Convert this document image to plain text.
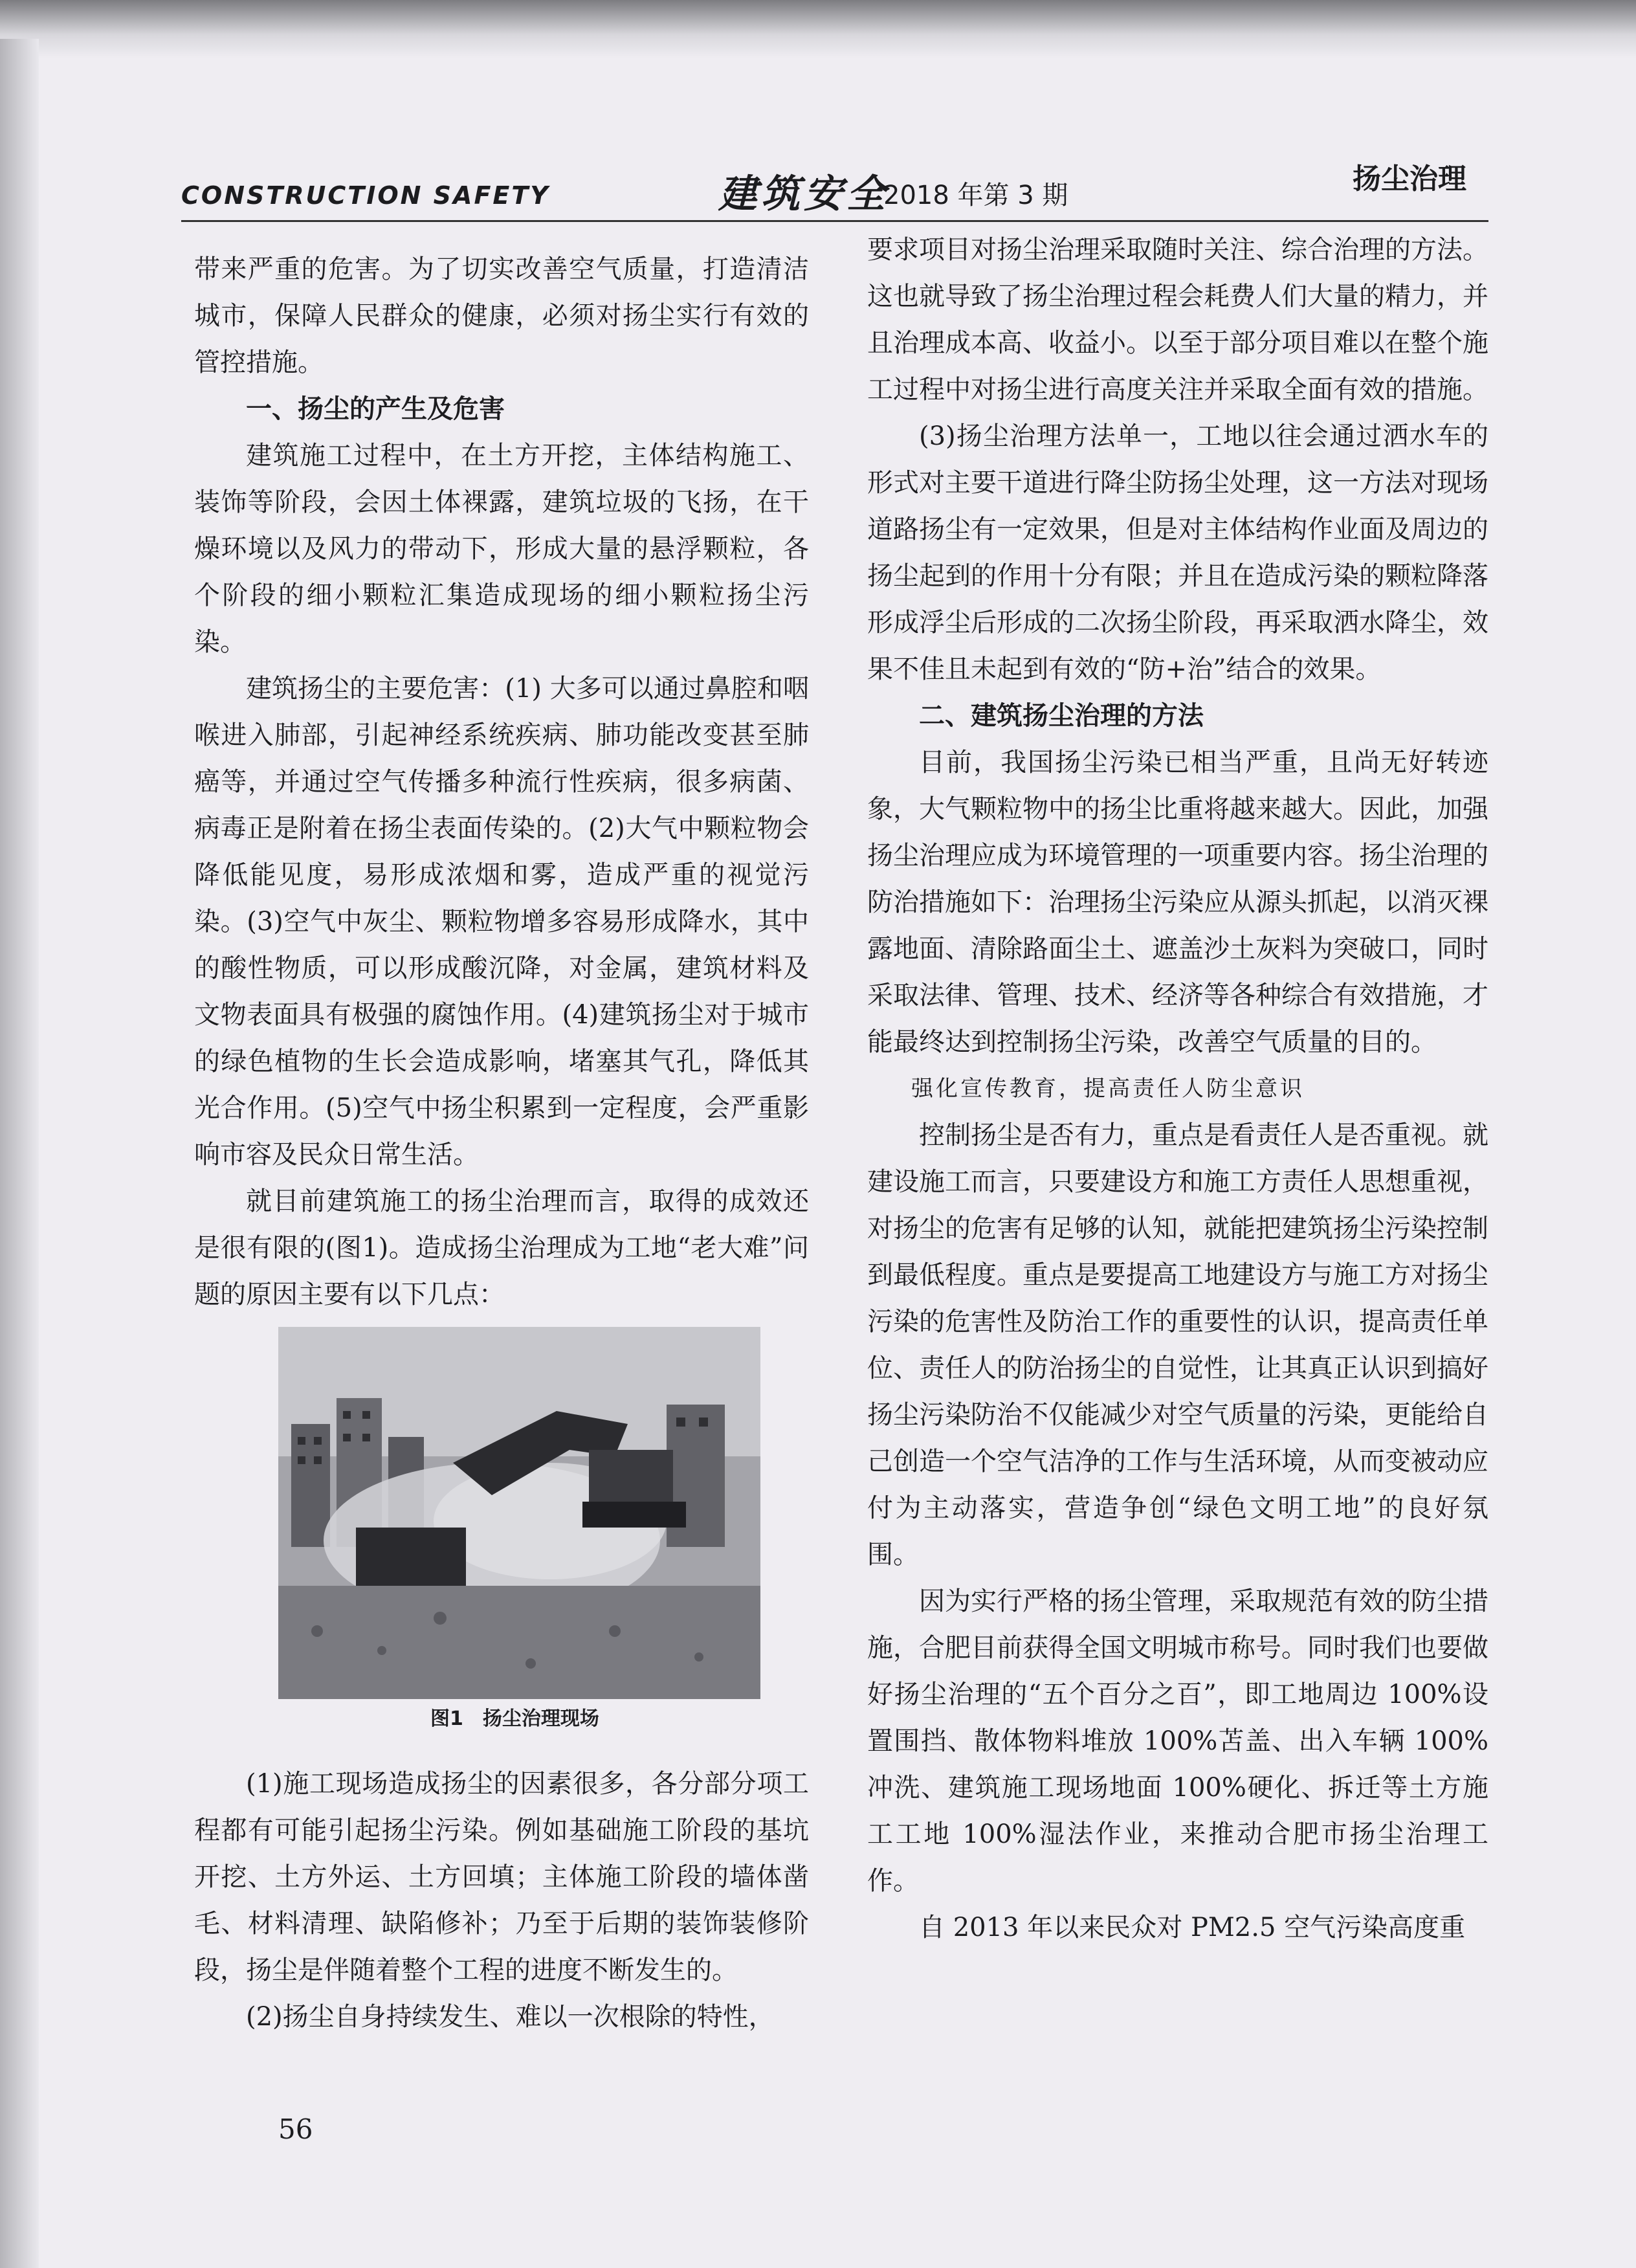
CONSTRUCTION SAFETY	建筑安全
2018 年第 3 期	扬尘治理

带来严重的危害。为了切实改善空气质量，打造清洁城市，保障人民群众的健康，必须对扬尘实行有效的管控措施。

一、扬尘的产生及危害

建筑施工过程中，在土方开挖，主体结构施工、装饰等阶段，会因土体裸露，建筑垃圾的飞扬，在干燥环境以及风力的带动下，形成大量的悬浮颗粒，各个阶段的细小颗粒汇集造成现场的细小颗粒扬尘污染。

建筑扬尘的主要危害：(1) 大多可以通过鼻腔和咽喉进入肺部，引起神经系统疾病、肺功能改变甚至肺癌等，并通过空气传播多种流行性疾病，很多病菌、病毒正是附着在扬尘表面传染的。(2)大气中颗粒物会降低能见度，易形成浓烟和雾，造成严重的视觉污染。(3)空气中灰尘、颗粒物增多容易形成降水，其中的酸性物质，可以形成酸沉降，对金属，建筑材料及文物表面具有极强的腐蚀作用。(4)建筑扬尘对于城市的绿色植物的生长会造成影响，堵塞其气孔，降低其光合作用。(5)空气中扬尘积累到一定程度，会严重影响市容及民众日常生活。

就目前建筑施工的扬尘治理而言，取得的成效还是很有限的(图1)。造成扬尘治理成为工地“老大难”问题的原因主要有以下几点：

图1　扬尘治理现场

(1)施工现场造成扬尘的因素很多，各分部分项工程都有可能引起扬尘污染。例如基础施工阶段的基坑开挖、土方外运、土方回填；主体施工阶段的墙体凿毛、材料清理、缺陷修补；乃至于后期的装饰装修阶段，扬尘是伴随着整个工程的进度不断发生的。

(2)扬尘自身持续发生、难以一次根除的特性，

要求项目对扬尘治理采取随时关注、综合治理的方法。这也就导致了扬尘治理过程会耗费人们大量的精力，并且治理成本高、收益小。以至于部分项目难以在整个施工过程中对扬尘进行高度关注并采取全面有效的措施。

(3)扬尘治理方法单一，工地以往会通过洒水车的形式对主要干道进行降尘防扬尘处理，这一方法对现场道路扬尘有一定效果，但是对主体结构作业面及周边的扬尘起到的作用十分有限；并且在造成污染的颗粒降落形成浮尘后形成的二次扬尘阶段，再采取洒水降尘，效果不佳且未起到有效的“防+治”结合的效果。

二、建筑扬尘治理的方法

目前，我国扬尘污染已相当严重，且尚无好转迹象，大气颗粒物中的扬尘比重将越来越大。因此，加强扬尘治理应成为环境管理的一项重要内容。扬尘治理的防治措施如下：治理扬尘污染应从源头抓起，以消灭裸露地面、清除路面尘土、遮盖沙土灰料为突破口，同时采取法律、管理、技术、经济等各种综合有效措施，才能最终达到控制扬尘污染，改善空气质量的目的。

强化宣传教育，提高责任人防尘意识

控制扬尘是否有力，重点是看责任人是否重视。就建设施工而言，只要建设方和施工方责任人思想重视，对扬尘的危害有足够的认知，就能把建筑扬尘污染控制到最低程度。重点是要提高工地建设方与施工方对扬尘污染的危害性及防治工作的重要性的认识，提高责任单位、责任人的防治扬尘的自觉性，让其真正认识到搞好扬尘污染防治不仅能减少对空气质量的污染，更能给自己创造一个空气洁净的工作与生活环境，从而变被动应付为主动落实，营造争创“绿色文明工地”的良好氛围。

因为实行严格的扬尘管理，采取规范有效的防尘措施，合肥目前获得全国文明城市称号。同时我们也要做好扬尘治理的“五个百分之百”，即工地周边 100%设置围挡、散体物料堆放 100%苫盖、出入车辆 100%冲洗、建筑施工现场地面 100%硬化、拆迁等土方施工工地 100%湿法作业，来推动合肥市扬尘治理工作。

自 2013 年以来民众对 PM2.5 空气污染高度重

56
